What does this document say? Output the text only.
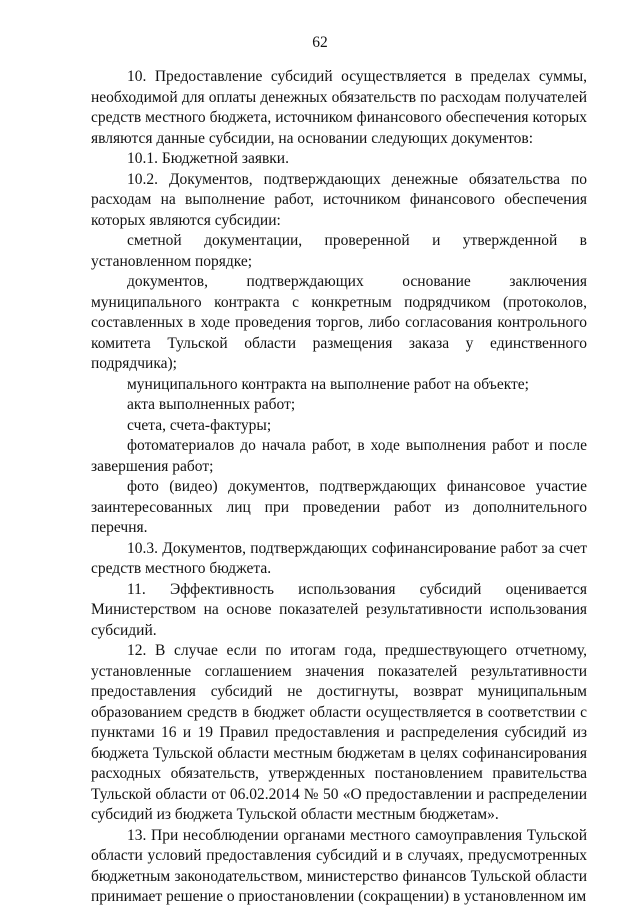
62

10. Предоставление субсидий осуществляется в пределах суммы, необходимой для оплаты денежных обязательств по расходам получателей средств местного бюджета, источником финансового обеспечения которых являются данные субсидии, на основании следующих документов:

10.1. Бюджетной заявки.

10.2. Документов, подтверждающих денежные обязательства по расходам на выполнение работ, источником финансового обеспечения которых являются субсидии:

сметной документации, проверенной и утвержденной в установленном порядке;

документов, подтверждающих основание заключения муниципального контракта с конкретным подрядчиком (протоколов, составленных в ходе проведения торгов, либо согласования контрольного комитета Тульской области размещения заказа у единственного подрядчика);

муниципального контракта на выполнение работ на объекте;

акта выполненных работ;

счета, счета-фактуры;

фотоматериалов до начала работ, в ходе выполнения работ и после завершения работ;

фото (видео) документов, подтверждающих финансовое участие заинтересованных лиц при проведении работ из дополнительного перечня.

10.3. Документов, подтверждающих софинансирование работ за счет средств местного бюджета.

11. Эффективность использования субсидий оценивается Министерством на основе показателей результативности использования субсидий.

12. В случае если по итогам года, предшествующего отчетному, установленные соглашением значения показателей результативности предоставления субсидий не достигнуты, возврат муниципальным образованием средств в бюджет области осуществляется в соответствии с пунктами 16 и 19 Правил предоставления и распределения субсидий из бюджета Тульской области местным бюджетам в целях софинансирования расходных обязательств, утвержденных постановлением правительства Тульской области от 06.02.2014 № 50 «О предоставлении и распределении субсидий из бюджета Тульской области местным бюджетам».

13. При несоблюдении органами местного самоуправления Тульской области условий предоставления субсидий и в случаях, предусмотренных бюджетным законодательством, министерство финансов Тульской области принимает решение о приостановлении (сокращении) в установленном им
